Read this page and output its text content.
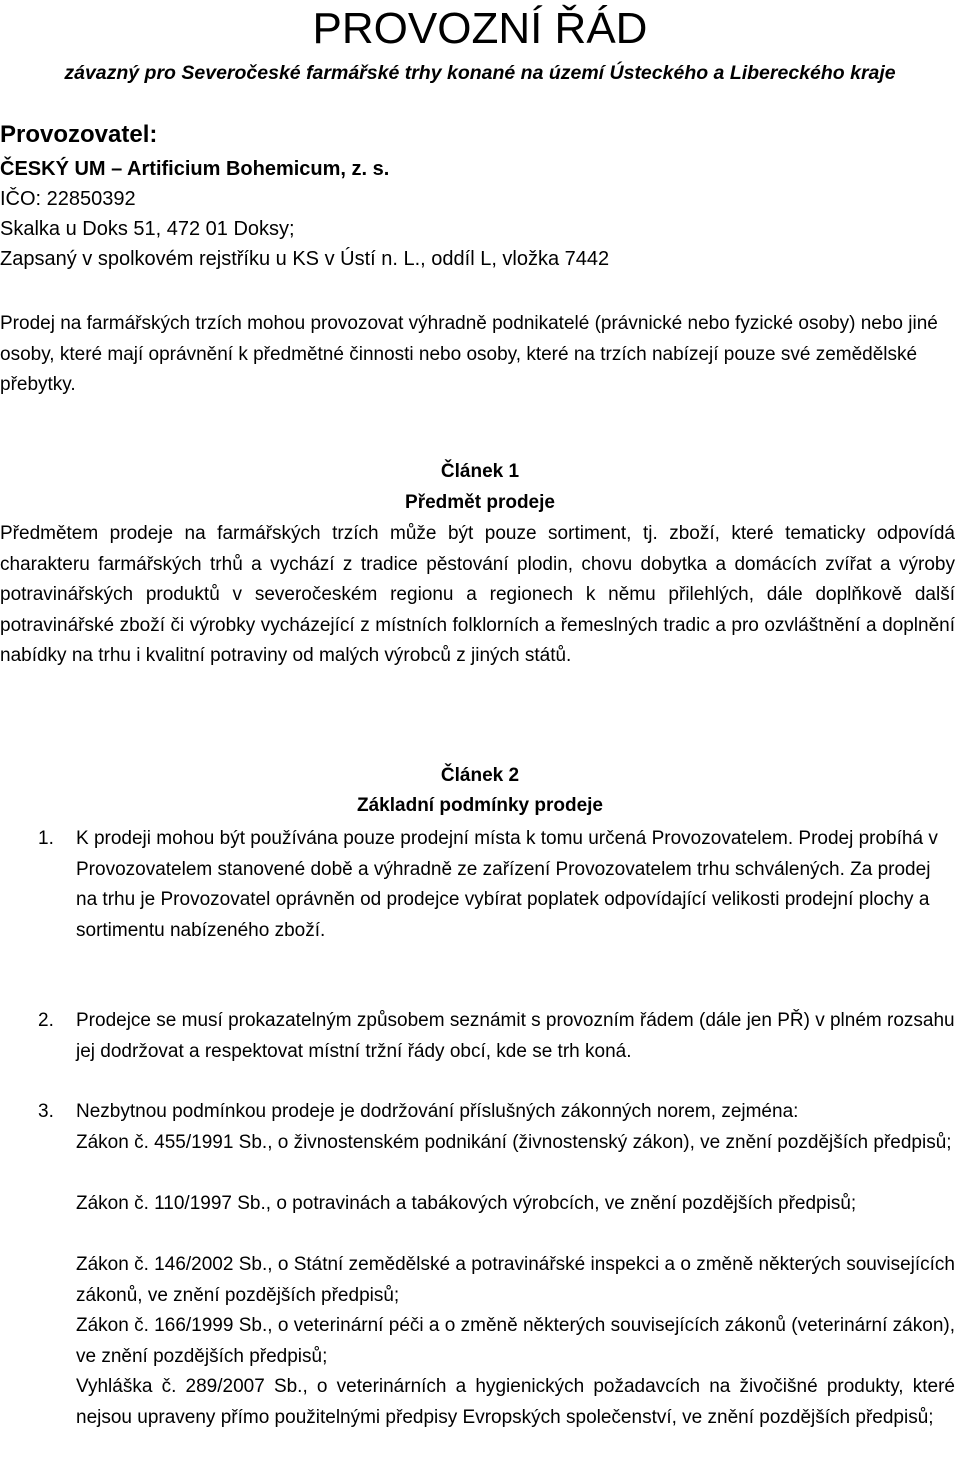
PROVOZNÍ ŘÁD

závazný pro Severočeské farmářské trhy konané na území Ústeckého a Libereckého kraje

Provozovatel:

ČESKÝ UM – Artificium Bohemicum, z. s.

IČO: 22850392

Skalka u Doks 51, 472 01 Doksy;

Zapsaný v spolkovém rejstříku u KS v Ústí n. L., oddíl L, vložka 7442

Prodej na farmářských trzích mohou provozovat výhradně podnikatelé (právnické nebo fyzické osoby) nebo jiné osoby, které mají oprávnění k předmětné činnosti nebo osoby, které na trzích nabízejí pouze své zemědělské přebytky.

Článek 1

Předmět prodeje

Předmětem prodeje na farmářských trzích může být pouze sortiment, tj. zboží, které tematicky odpovídá charakteru farmářských trhů a vychází z tradice pěstování plodin, chovu dobytka a domácích zvířat a výroby potravinářských produktů v severočeském regionu a regionech k němu přilehlých, dále doplňkově další potravinářské zboží či výrobky vycházející z místních folklorních a řemeslných tradic a pro ozvláštnění a doplnění nabídky na trhu i kvalitní potraviny od malých výrobců z jiných států.

Článek 2

Základní podmínky prodeje

1. K prodeji mohou být používána pouze prodejní místa k tomu určená Provozovatelem. Prodej probíhá v Provozovatelem stanovené době a výhradně ze zařízení Provozovatelem trhu schválených. Za prodej na trhu je Provozovatel oprávněn od prodejce vybírat poplatek odpovídající velikosti prodejní plochy a sortimentu nabízeného zboží.

2. Prodejce se musí prokazatelným způsobem seznámit s provozním řádem (dále jen PŘ) v plném rozsahu jej dodržovat a respektovat místní tržní řády obcí, kde se trh koná.

3. Nezbytnou podmínkou prodeje je dodržování příslušných zákonných norem, zejména:

Zákon č. 455/1991 Sb., o živnostenském podnikání (živnostenský zákon), ve znění pozdějších předpisů;

Zákon č. 110/1997 Sb., o potravinách a tabákových výrobcích, ve znění pozdějších předpisů;

Zákon č. 146/2002 Sb., o Státní zemědělské a potravinářské inspekci a o změně některých souvisejících zákonů, ve znění pozdějších předpisů;

Zákon č. 166/1999 Sb., o veterinární péči a o změně některých souvisejících zákonů (veterinární zákon), ve znění pozdějších předpisů;

Vyhláška č. 289/2007 Sb., o veterinárních a hygienických požadavcích na živočišné produkty, které nejsou upraveny přímo použitelnými předpisy Evropských společenství, ve znění pozdějších předpisů;
